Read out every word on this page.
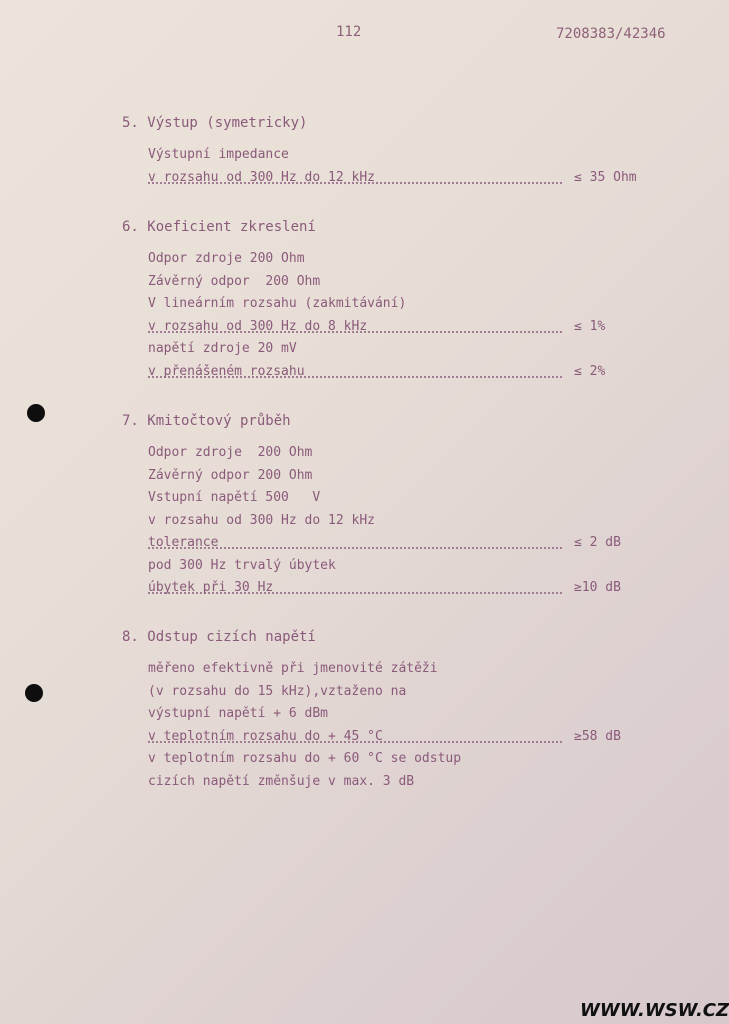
112	7208383/42346
5. Výstup (symetricky)
Výstupní impedance
v rozsahu od 300 Hz do 12 kHz	≤ 35 Ohm
6. Koeficient zkreslení
Odpor zdroje 200 Ohm
Závěrný odpor  200 Ohm
V lineárním rozsahu (zakmitávání)
v rozsahu od 300 Hz do 8 kHz	≤ 1%
napětí zdroje 20 mV
v přenášeném rozsahu	≤ 2%
7. Kmitočtový průběh
Odpor zdroje  200 Ohm
Závěrný odpor 200 Ohm
Vstupní napětí 500   V
v rozsahu od 300 Hz do 12 kHz
tolerance	≤ 2 dB
pod 300 Hz trvalý úbytek
úbytek při 30 Hz	≥10 dB
8. Odstup cizích napětí
měřeno efektivně při jmenovité zátěži
(v rozsahu do 15 kHz),vztaženo na
výstupní napětí + 6 dBm
v teplotním rozsahu do + 45 °C	≥58 dB
v teplotním rozsahu do + 60 °C se odstup
cizích napětí změnšuje v max. 3 dB
WWW.WSW.CZ
